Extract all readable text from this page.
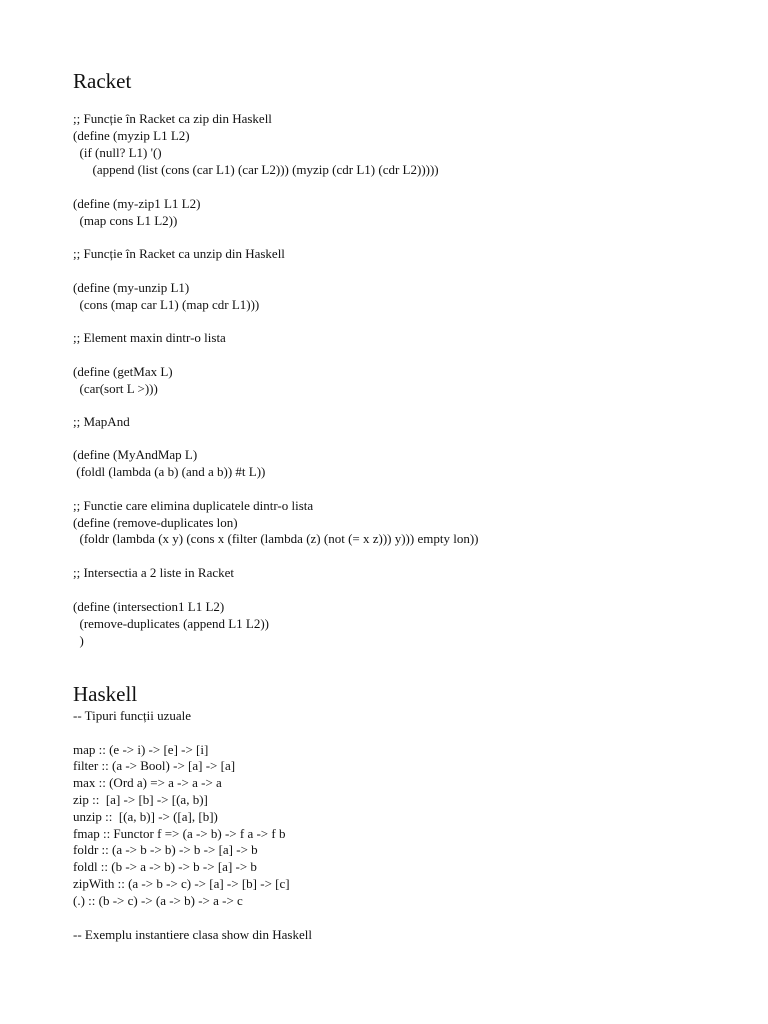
Racket
;; Funcție în Racket ca zip din Haskell
(define (myzip L1 L2)
(if (null? L1) '()
(append (list (cons (car L1) (car L2))) (myzip (cdr L1) (cdr L2)))))
(define (my-zip1 L1 L2)
(map cons L1 L2))
;; Funcție în Racket ca unzip din Haskell
(define (my-unzip L1)
(cons (map car L1) (map cdr L1)))
;; Element maxin dintr-o lista
(define (getMax L)
(car(sort L >)))
;; MapAnd
(define (MyAndMap L)
(foldl (lambda (a b) (and a b)) #t L))
;; Functie care elimina duplicatele dintr-o lista
(define (remove-duplicates lon)
(foldr (lambda (x y) (cons x (filter (lambda (z) (not (= x z))) y))) empty lon))
;; Intersectia a 2 liste in Racket
(define (intersection1 L1 L2)
(remove-duplicates (append L1 L2))
)
Haskell
-- Tipuri funcții uzuale
map :: (e -> i) -> [e] -> [i]
filter :: (a -> Bool) -> [a] -> [a]
max :: (Ord a) => a -> a -> a
zip ::  [a] -> [b] -> [(a, b)]
unzip ::  [(a, b)] -> ([a], [b])
fmap :: Functor f => (a -> b) -> f a -> f b
foldr :: (a -> b -> b) -> b -> [a] -> b
foldl :: (b -> a -> b) -> b -> [a] -> b
zipWith :: (a -> b -> c) -> [a] -> [b] -> [c]
(.) :: (b -> c) -> (a -> b) -> a -> c
-- Exemplu instantiere clasa show din Haskell
